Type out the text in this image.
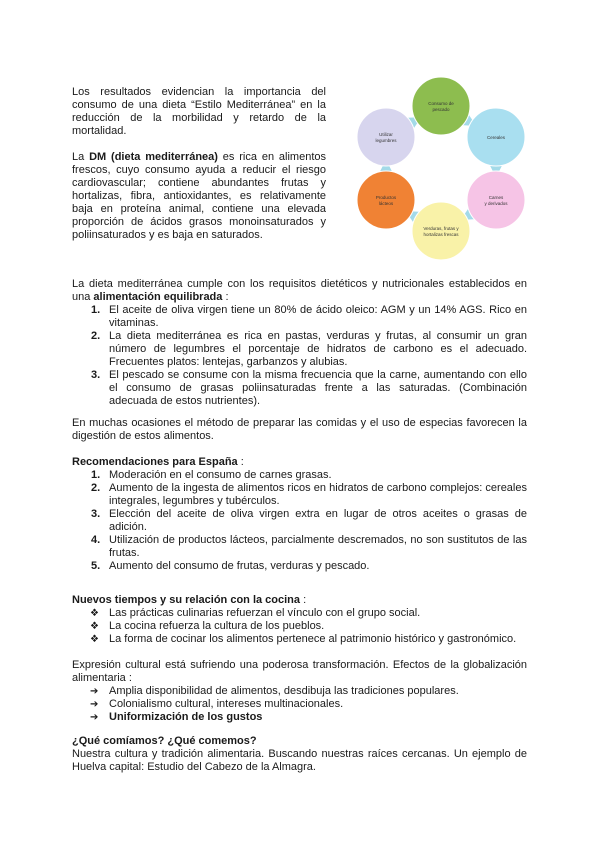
Los resultados evidencian la importancia del consumo de una dieta “Estilo Mediterránea” en la reducción de la morbilidad y retardo de la mortalidad.

La DM (dieta mediterránea) es rica en alimentos frescos, cuyo consumo ayuda a reducir el riesgo cardiovascular; contiene abundantes frutas y hortalizas, fibra, antioxidantes, es relativamente baja en proteína animal, contiene una elevada proporción de ácidos grasos monoinsaturados y poliinsaturados y es baja en saturados.

Consumo de
pescado
Cereales
Carnes
y derivados
Verduras, frutas y
hortalizas frescas
Productos
lácteos
Utilizar
legumbres

La dieta mediterránea cumple con los requisitos dietéticos y nutricionales establecidos en una alimentación equilibrada :

1. El aceite de oliva virgen tiene un 80% de ácido oleico: AGM y un 14% AGS. Rico en vitaminas.
2. La dieta mediterránea es rica en pastas, verduras y frutas, al consumir un gran número de legumbres el porcentaje de hidratos de carbono es el adecuado. Frecuentes platos: lentejas, garbanzos y alubias.
3. El pescado se consume con la misma frecuencia que la carne, aumentando con ello el consumo de grasas poliinsaturadas frente a las saturadas. (Combinación adecuada de estos nutrientes).

En muchas ocasiones el método de preparar las comidas y el uso de especias favorecen la digestión de estos alimentos.

Recomendaciones para España :

1. Moderación en el consumo de carnes grasas.
2. Aumento de la ingesta de alimentos ricos en hidratos de carbono complejos: cereales integrales, legumbres y tubérculos.
3. Elección del aceite de oliva virgen extra en lugar de otros aceites o grasas de adición.
4. Utilización de productos lácteos, parcialmente descremados, no son sustitutos de las frutas.
5. Aumento del consumo de frutas, verduras y pescado.

Nuevos tiempos y su relación con la cocina :

❖ Las prácticas culinarias refuerzan el vínculo con el grupo social.
❖ La cocina refuerza la cultura de los pueblos.
❖ La forma de cocinar los alimentos pertenece al patrimonio histórico y gastronómico.

Expresión cultural está sufriendo una poderosa transformación. Efectos de la globalización alimentaria :

➔ Amplia disponibilidad de alimentos, desdibuja las tradiciones populares.
➔ Colonialismo cultural, intereses multinacionales.
➔ Uniformización de los gustos

¿Qué comíamos? ¿Qué comemos?

Nuestra cultura y tradición alimentaria. Buscando nuestras raíces cercanas. Un ejemplo de Huelva capital: Estudio del Cabezo de la Almagra.
